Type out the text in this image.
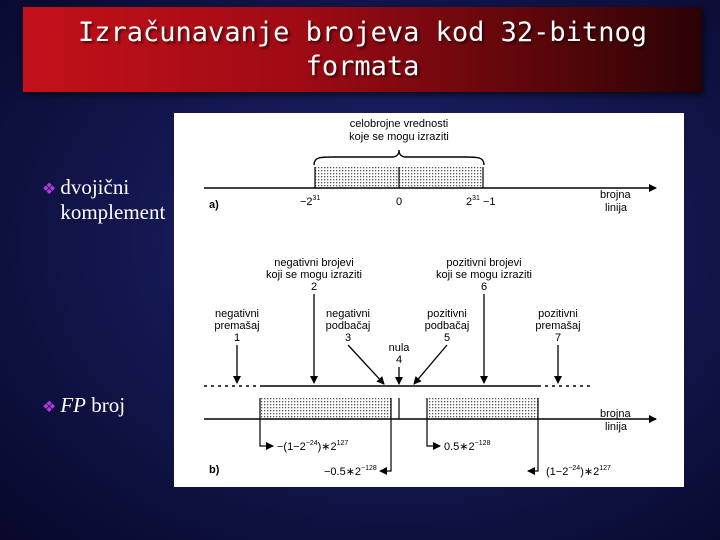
Izračunavanje brojeva kod 32-bitnog formata
❖ dvojični komplement
❖ FP broj
celobrojne vrednosti
koje se mogu izraziti
$-2^{31}$	0	$2^{31} -1$
a)
brojna
linija
negativni brojevi
koji se mogu izraziti
2
pozitivni brojevi
koji se mogu izraziti
6
negativni
premašaj
1
negativni
podbačaj
3
nula
4
pozitivni
podbačaj
5
pozitivni
premašaj
7
brojna
linija
$-(1-2^{-24})∗2^{127}$
$-0.5∗2^{-128}$
$0.5∗2^{-128}$
$(1-2^{-24})∗2^{127}$
b)
